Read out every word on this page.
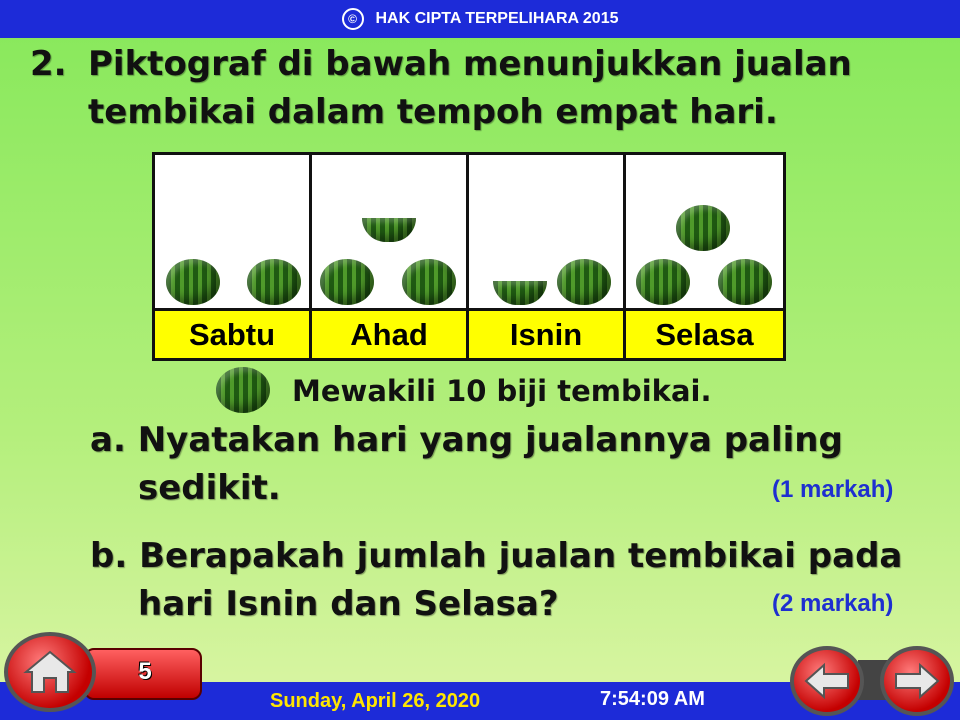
©	HAK CIPTA TERPELIHARA 2015
2. Piktograf di bawah menunjukkan jualan
tembikai dalam tempoh empat hari.
Sabtu	Ahad	Isnin	Selasa
Mewakili 10 biji tembikai.
a. Nyatakan hari yang jualannya paling
sedikit.	(1 markah)
b. Berapakah jumlah jualan tembikai pada
hari Isnin dan Selasa?	(2 markah)
5
Sunday, April 26, 2020	7:54:09 AM
